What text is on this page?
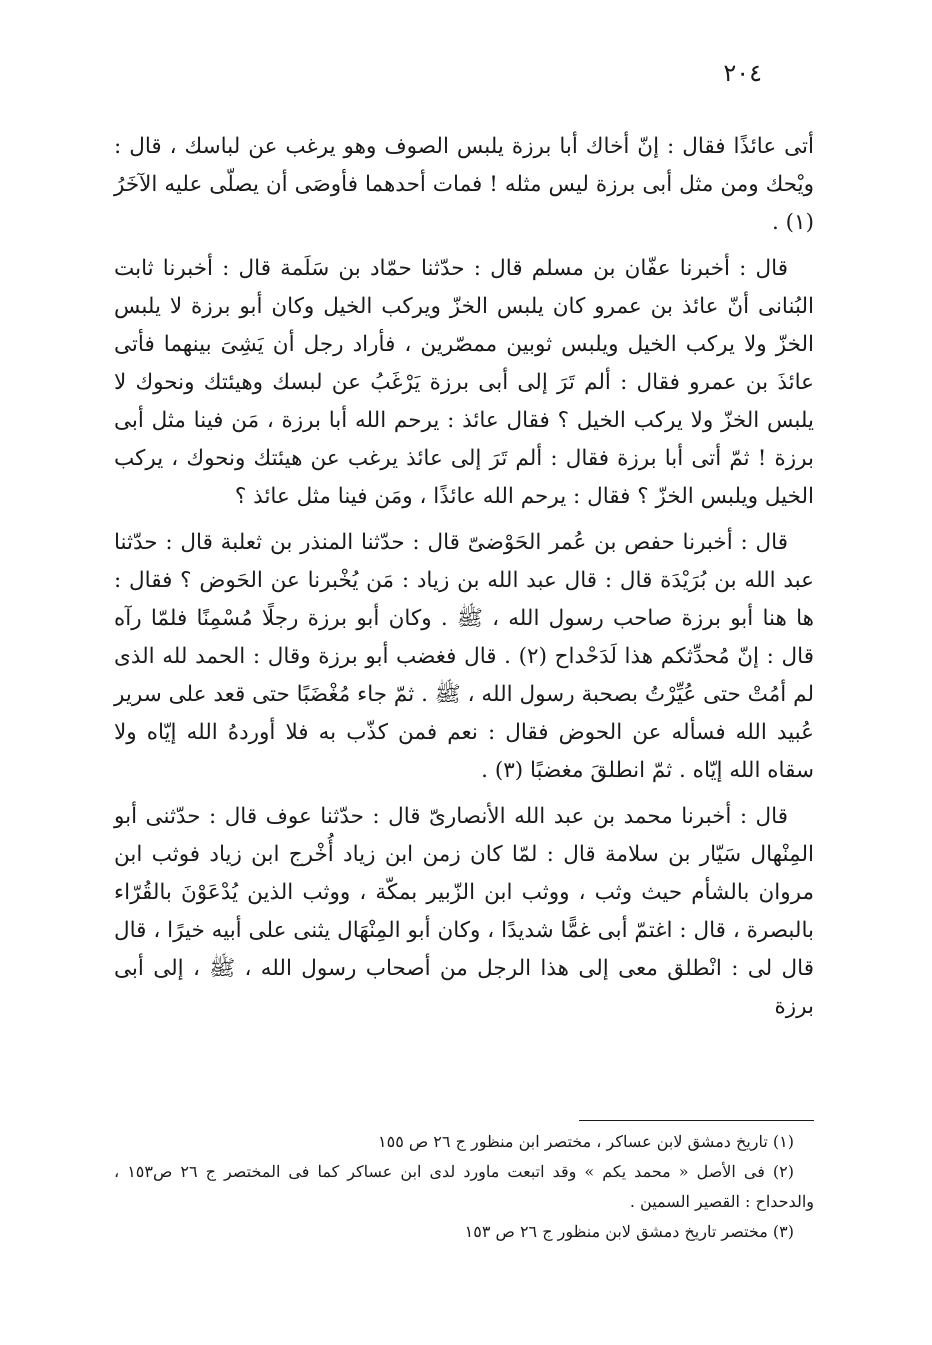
٢٠٤

أتى عائذًا فقال : إنّ أخاك أبا برزة يلبس الصوف وهو يرغب عن لباسك ، قال : ويْحك ومن مثل أبى برزة ليس مثله ! فمات أحدهما فأوصَى أن يصلّى عليه الآخَرُ (١) .

قال : أخبرنا عفّان بن مسلم قال : حدّثنا حمّاد بن سَلَمة قال : أخبرنا ثابت البُنانى أنّ عائذ بن عمرو كان يلبس الخزّ ويركب الخيل وكان أبو برزة لا يلبس الخزّ ولا يركب الخيل ويلبس ثوبين ممصّرين ، فأراد رجل أن يَشِىَ بينهما فأتى عائذَ بن عمرو فقال : ألم تَرَ إلى أبى برزة يَرْغَبُ عن لبسك وهيئتك ونحوك لا يلبس الخزّ ولا يركب الخيل ؟ فقال عائذ : يرحم الله أبا برزة ، مَن فينا مثل أبى برزة ! ثمّ أتى أبا برزة فقال : ألم تَرَ إلى عائذ يرغب عن هيئتك ونحوك ، يركب الخيل ويلبس الخزّ ؟ فقال : يرحم الله عائذًا ، ومَن فينا مثل عائذ ؟

قال : أخبرنا حفص بن عُمر الحَوْضىّ قال : حدّثنا المنذر بن ثعلبة قال : حدّثنا عبد الله بن بُرَيْدَة قال : قال عبد الله بن زياد : مَن يُخْبرنا عن الحَوض ؟ فقال : ها هنا أبو برزة صاحب رسول الله ، ﷺ . وكان أبو برزة رجلًا مُسْمِنًا فلمّا رآه قال : إنّ مُحدِّثكم هذا لَدَحْداح (٢) . قال فغضب أبو برزة وقال : الحمد لله الذى لم أمُتْ حتى عُيِّرْتُ بصحبة رسول الله ، ﷺ . ثمّ جاء مُغْضَبًا حتى قعد على سرير عُبيد الله فسأله عن الحوض فقال : نعم فمن كذّب به فلا أوردهُ الله إيّاه ولا سقاه الله إيّاه . ثمّ انطلقَ مغضبًا (٣) .

قال : أخبرنا محمد بن عبد الله الأنصارىّ قال : حدّثنا عوف قال : حدّثنى أبو المِنْهال سَيّار بن سلامة قال : لمّا كان زمن ابن زياد أُخْرج ابن زياد فوثب ابن مروان بالشأم حيث وثب ، ووثب ابن الزّبير بمكّة ، ووثب الذين يُدْعَوْنَ بالقُرّاء بالبصرة ، قال : اغتمّ أبى غمًّا شديدًا ، وكان أبو المِنْهَال يثنى على أبيه خيرًا ، قال قال لى : انْطلق معى إلى هذا الرجل من أصحاب رسول الله ، ﷺ ، إلى أبى برزة

(١) تاريخ دمشق لابن عساكر ، مختصر ابن منظور ج ٢٦ ص ١٥٥

(٢) فى الأصل « محمد يكم » وقد اتبعت ماورد لدى ابن عساكر كما فى المختصر ج ٢٦ ص١٥٣ ، والدحداح : القصير السمين .

(٣) مختصر تاريخ دمشق لابن منظور ج ٢٦ ص ١٥٣
